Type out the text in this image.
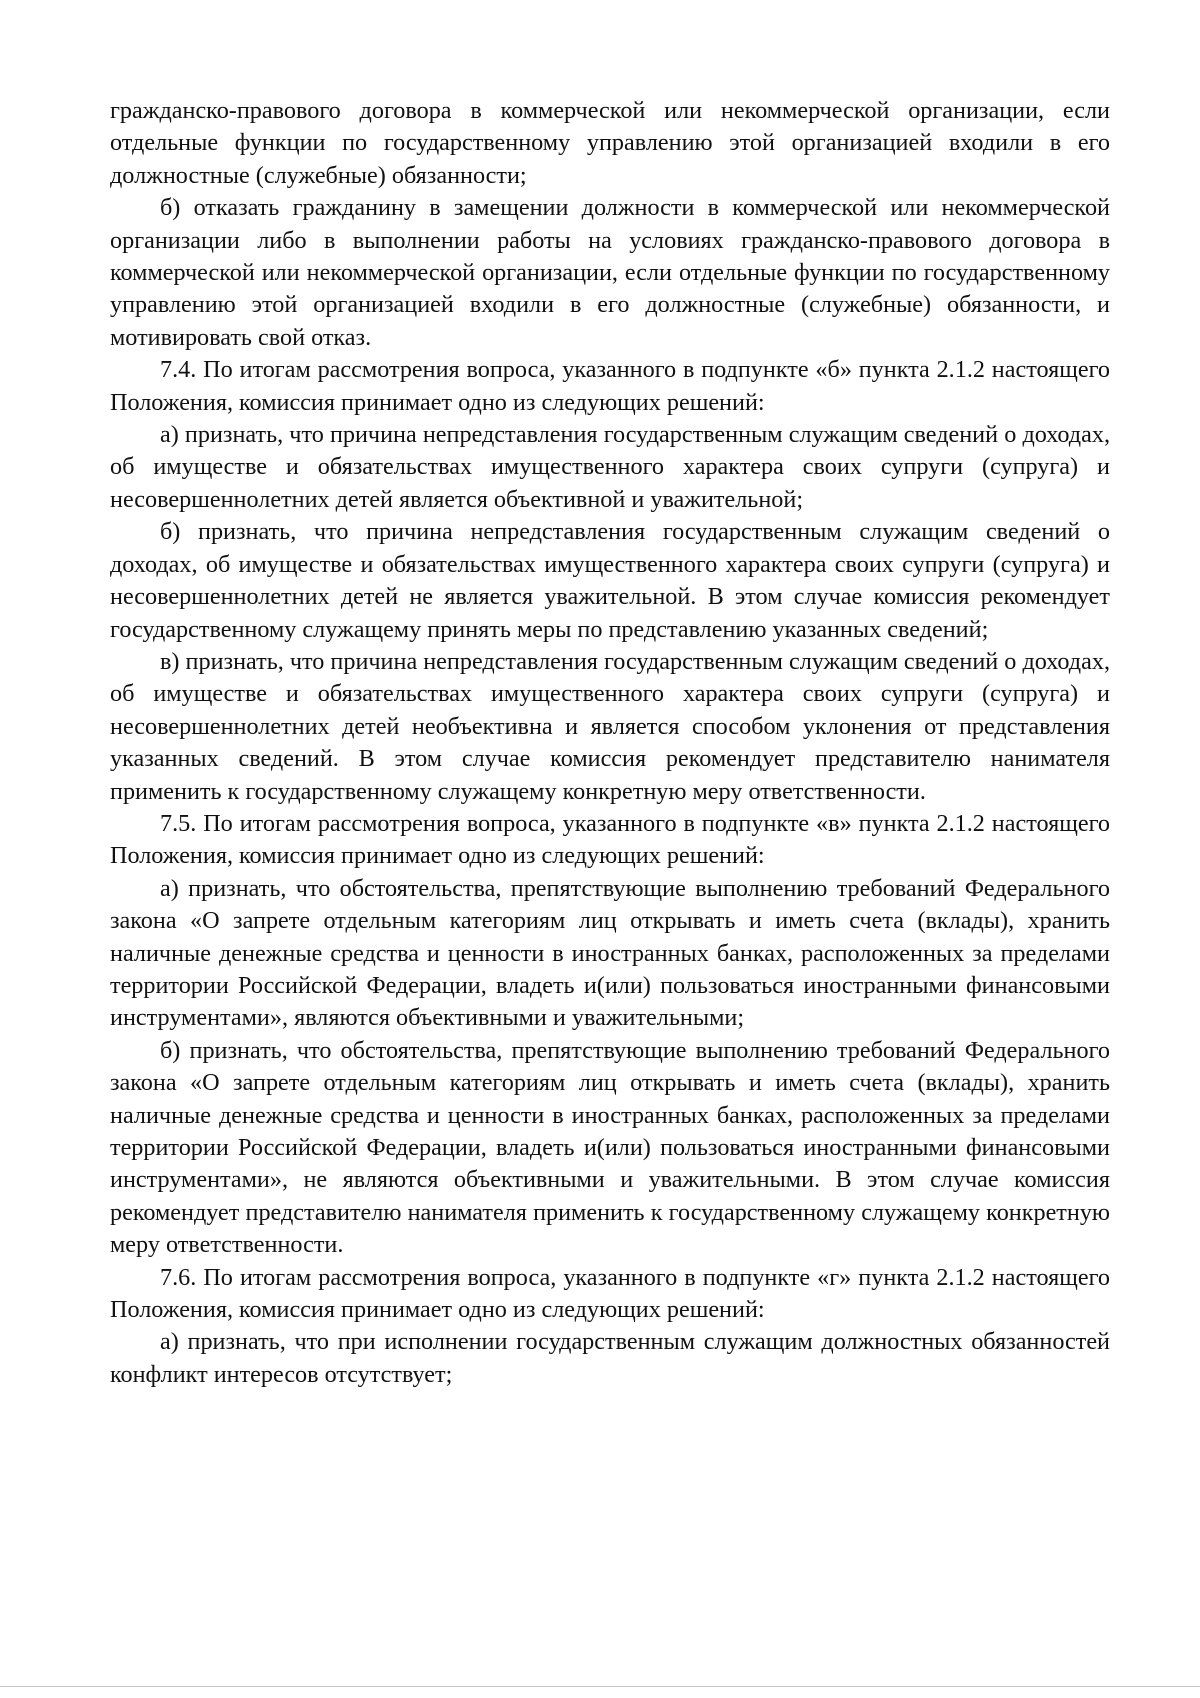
гражданско-правового договора в коммерческой или некоммерческой организации, если отдельные функции по государственному управлению этой организацией входили в его должностные (служебные) обязанности;

б) отказать гражданину в замещении должности в коммерческой или некоммерческой организации либо в выполнении работы на условиях гражданско-правового договора в коммерческой или некоммерческой организации, если отдельные функции по государственному управлению этой организацией входили в его должностные (служебные) обязанности, и мотивировать свой отказ.

7.4. По итогам рассмотрения вопроса, указанного в подпункте «б» пункта 2.1.2 настоящего Положения, комиссия принимает одно из следующих решений:

а) признать, что причина непредставления государственным служащим сведений о доходах, об имуществе и обязательствах имущественного характера своих супруги (супруга) и несовершеннолетних детей является объективной и уважительной;

б) признать, что причина непредставления государственным служащим сведений о доходах, об имуществе и обязательствах имущественного характера своих супруги (супруга) и несовершеннолетних детей не является уважительной. В этом случае комиссия рекомендует государственному служащему принять меры по представлению указанных сведений;

в) признать, что причина непредставления государственным служащим сведений о доходах, об имуществе и обязательствах имущественного характера своих супруги (супруга) и несовершеннолетних детей необъективна и является способом уклонения от представления указанных сведений. В этом случае комиссия рекомендует представителю нанимателя применить к государственному служащему конкретную меру ответственности.

7.5. По итогам рассмотрения вопроса, указанного в подпункте «в» пункта 2.1.2 настоящего Положения, комиссия принимает одно из следующих решений:

а) признать, что обстоятельства, препятствующие выполнению требований Федерального закона «О запрете отдельным категориям лиц открывать и иметь счета (вклады), хранить наличные денежные средства и ценности в иностранных банках, расположенных за пределами территории Российской Федерации, владеть и(или) пользоваться иностранными финансовыми инструментами», являются объективными и уважительными;

б) признать, что обстоятельства, препятствующие выполнению требований Федерального закона «О запрете отдельным категориям лиц открывать и иметь счета (вклады), хранить наличные денежные средства и ценности в иностранных банках, расположенных за пределами территории Российской Федерации, владеть и(или) пользоваться иностранными финансовыми инструментами», не являются объективными и уважительными. В этом случае комиссия рекомендует представителю нанимателя применить к государственному служащему конкретную меру ответственности.

7.6. По итогам рассмотрения вопроса, указанного в подпункте «г» пункта 2.1.2 настоящего Положения, комиссия принимает одно из следующих решений:

а) признать, что при исполнении государственным служащим должностных обязанностей конфликт интересов отсутствует;
